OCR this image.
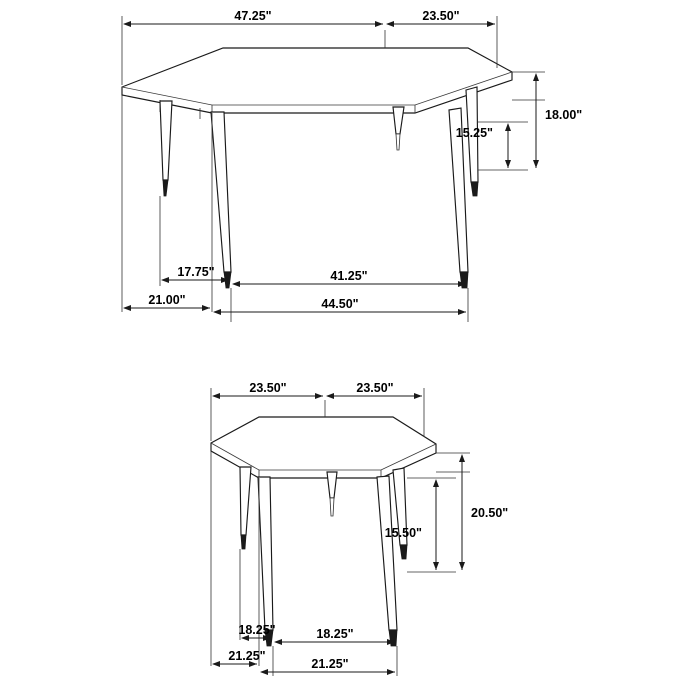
47.25"	23.50"
18.00"
15.25"
17.75"	41.25"
21.00"	44.50"
23.50"	23.50"
20.50"
15.50"
18.25"	18.25"
21.25"
21.25"
